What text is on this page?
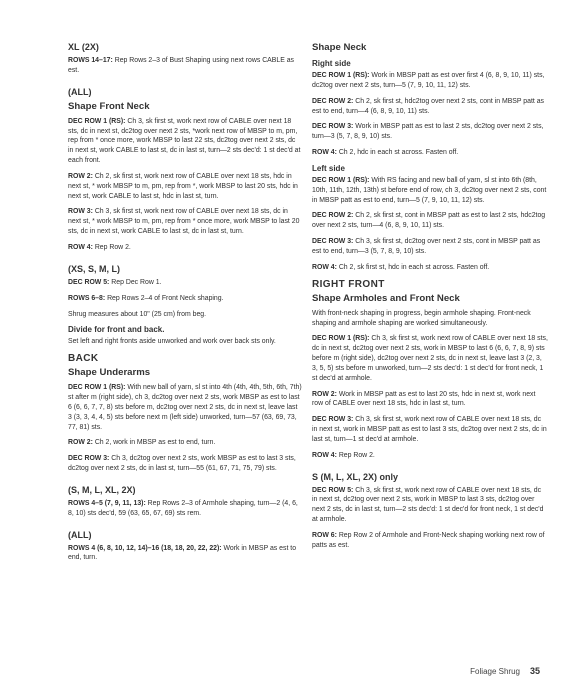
XL (2X)

ROWS 14–17: Rep Rows 2–3 of Bust Shaping using next rows CABLE as est.

(ALL)
Shape Front Neck

DEC ROW 1 (RS): Ch 3, sk first st, work next row of CABLE over next 18 sts, dc in next st, dc2tog over next 2 sts, *work next row of MBSP to m, pm, rep from * once more, work MBSP to last 22 sts, dc2tog over next 2 sts, dc in next st, work CABLE to last st, dc in last st, turn—2 sts dec'd: 1 st dec'd at each front.

ROW 2: Ch 2, sk first st, work next row of CABLE over next 18 sts, hdc in next st, * work MBSP to m, pm, rep from *, work MBSP to last 20 sts, hdc in next st, work CABLE to last st, hdc in last st, turn.

ROW 3: Ch 3, sk first st, work next row of CABLE over next 18 sts, dc in next st, * work MBSP to m, pm, rep from * once more, work MBSP to last 20 sts, dc in next st, work CABLE to last st, dc in last st, turn.

ROW 4: Rep Row 2.

(XS, S, M, L)

DEC ROW 5: Rep Dec Row 1.

ROWS 6–8: Rep Rows 2–4 of Front Neck shaping.

Shrug measures about 10" (25 cm) from beg.

Divide for front and back.

Set left and right fronts aside unworked and work over back sts only.

BACK
Shape Underarms

DEC ROW 1 (RS): With new ball of yarn, sl st into 4th (4th, 4th, 5th, 6th, 7th) st after m (right side), ch 3, dc2tog over next 2 sts, work MBSP as est to last 6 (6, 6, 7, 7, 8) sts before m, dc2tog over next 2 sts, dc in next st, leave last 3 (3, 3, 4, 4, 5) sts before next m (left side) unworked, turn—57 (63, 69, 73, 77, 81) sts.

ROW 2: Ch 2, work in MBSP as est to end, turn.

DEC ROW 3: Ch 3, dc2tog over next 2 sts, work MBSP as est to last 3 sts, dc2tog over next 2 sts, dc in last st, turn—55 (61, 67, 71, 75, 79) sts.

(S, M, L, XL, 2X)

ROWS 4–5 (7, 9, 11, 13): Rep Rows 2–3 of Armhole shaping, turn—2 (4, 6, 8, 10) sts dec'd, 59 (63, 65, 67, 69) sts rem.

(ALL)

ROWS 4 (6, 8, 10, 12, 14)–16 (18, 18, 20, 22, 22): Work in MBSP as est to end, turn.

Shape Neck
Right side

DEC ROW 1 (RS): Work in MBSP patt as est over first 4 (6, 8, 9, 10, 11) sts, dc2tog over next 2 sts, turn—5 (7, 9, 10, 11, 12) sts.

DEC ROW 2: Ch 2, sk first st, hdc2tog over next 2 sts, cont in MBSP patt as est to end, turn—4 (6, 8, 9, 10, 11) sts.

DEC ROW 3: Work in MBSP patt as est to last 2 sts, dc2tog over next 2 sts, turn—3 (5, 7, 8, 9, 10) sts.

ROW 4: Ch 2, hdc in each st across. Fasten off.

Left side

DEC ROW 1 (RS): With RS facing and new ball of yarn, sl st into 6th (8th, 10th, 11th, 12th, 13th) st before end of row, ch 3, dc2tog over next 2 sts, cont in MBSP patt as est to end, turn—5 (7, 9, 10, 11, 12) sts.

DEC ROW 2: Ch 2, sk first st, cont in MBSP patt as est to last 2 sts, hdc2tog over next 2 sts, turn—4 (6, 8, 9, 10, 11) sts.

DEC ROW 3: Ch 3, sk first st, dc2tog over next 2 sts, cont in MBSP patt as est to end, turn—3 (5, 7, 8, 9, 10) sts.

ROW 4: Ch 2, sk first st, hdc in each st across. Fasten off.

RIGHT FRONT
Shape Armholes and Front Neck

With front-neck shaping in progress, begin armhole shaping. Front-neck shaping and armhole shaping are worked simultaneously.

DEC ROW 1 (RS): Ch 3, sk first st, work next row of CABLE over next 18 sts, dc in next st, dc2tog over next 2 sts, work in MBSP to last 6 (6, 6, 7, 8, 9) sts before m (right side), dc2tog over next 2 sts, dc in next st, leave last 3 (2, 3, 3, 5, 5) sts before m unworked, turn—2 sts dec'd: 1 st dec'd for front neck, 1 st dec'd at armhole.

ROW 2: Work in MBSP patt as est to last 20 sts, hdc in next st, work next row of CABLE over next 18 sts, hdc in last st, turn.

DEC ROW 3: Ch 3, sk first st, work next row of CABLE over next 18 sts, dc in next st, work in MBSP patt as est to last 3 sts, dc2tog over next 2 sts, dc in last st, turn—1 st dec'd at armhole.

ROW 4: Rep Row 2.

S (M, L, XL, 2X) only

DEC ROW 5: Ch 3, sk first st, work next row of CABLE over next 18 sts, dc in next st, dc2tog over next 2 sts, work in MBSP to last 3 sts, dc2tog over next 2 sts, dc in last st, turn—2 sts dec'd: 1 st dec'd for front neck, 1 st dec'd at armhole.

ROW 6: Rep Row 2 of Armhole and Front-Neck shaping working next row of patts as est.

Foliage Shrug 35
